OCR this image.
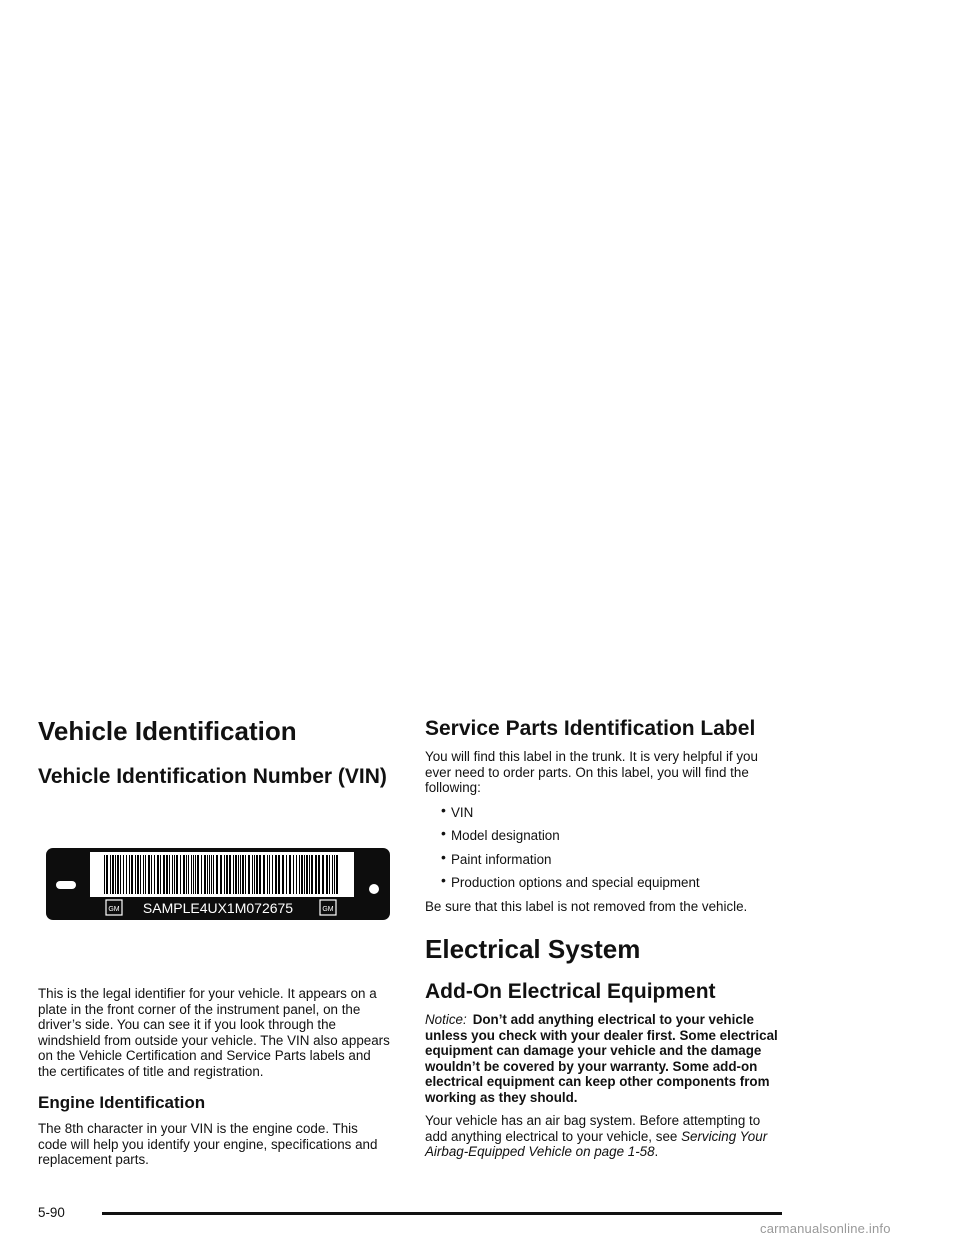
Vehicle Identification
Vehicle Identification Number (VIN)
GM SAMPLE4UX1M072675	GM

This is the legal identifier for your vehicle. It appears on a plate in the front corner of the instrument panel, on the driver’s side. You can see it if you look through the windshield from outside your vehicle. The VIN also appears on the Vehicle Certification and Service Parts labels and the certificates of title and registration.

Engine Identification

The 8th character in your VIN is the engine code. This code will help you identify your engine, specifications and replacement parts.

Service Parts Identification Label

You will find this label in the trunk. It is very helpful if you ever need to order parts. On this label, you will find the following:

• VIN
• Model designation
• Paint information
• Production options and special equipment

Be sure that this label is not removed from the vehicle.

Electrical System
Add-On Electrical Equipment

Notice: Don’t add anything electrical to your vehicle unless you check with your dealer first. Some electrical equipment can damage your vehicle and the damage wouldn’t be covered by your warranty. Some add-on electrical equipment can keep other components from working as they should.

Your vehicle has an air bag system. Before attempting to add anything electrical to your vehicle, see Servicing Your Airbag-Equipped Vehicle on page 1-58.

5-90
carmanualsonline.info
